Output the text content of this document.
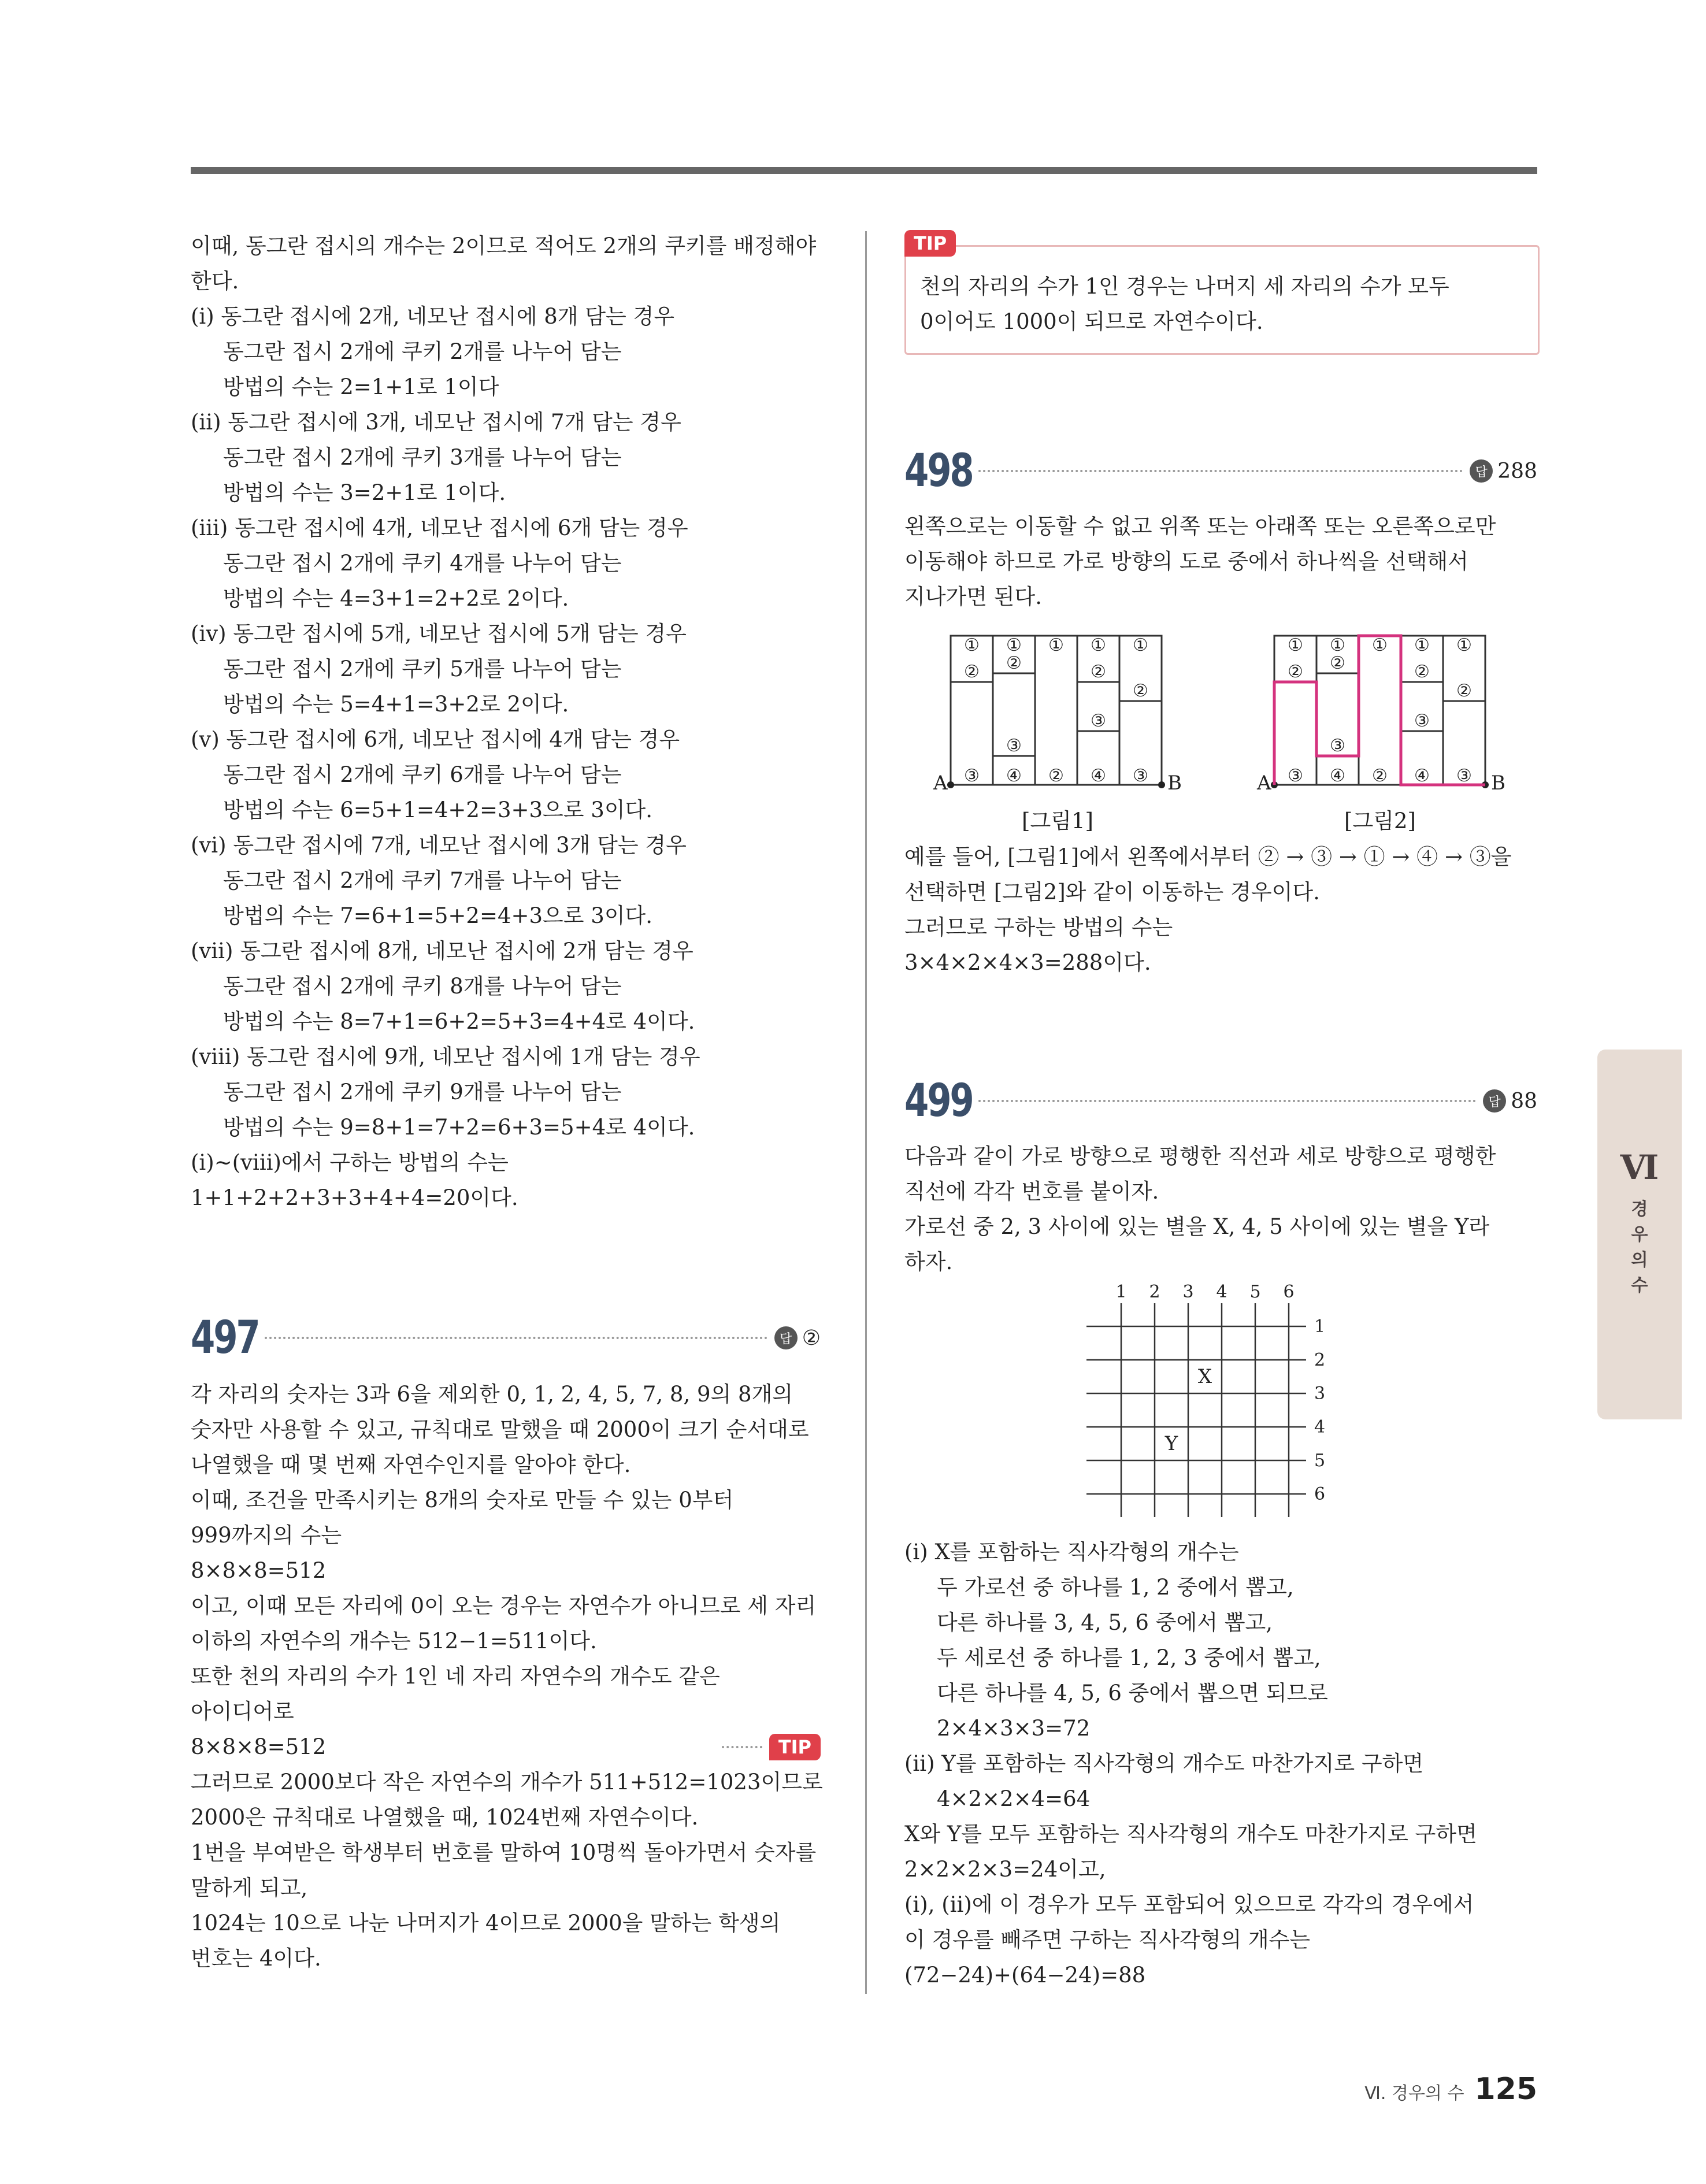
이때, 동그란 접시의 개수는 2이므로 적어도 2개의 쿠키를 배정해야
한다.
(ⅰ) 동그란 접시에 2개, 네모난 접시에 8개 담는 경우
동그란 접시 2개에 쿠키 2개를 나누어 담는
방법의 수는 2=1+1로 1이다
(ⅱ) 동그란 접시에 3개, 네모난 접시에 7개 담는 경우
동그란 접시 2개에 쿠키 3개를 나누어 담는
방법의 수는 3=2+1로 1이다.
(ⅲ) 동그란 접시에 4개, 네모난 접시에 6개 담는 경우
동그란 접시 2개에 쿠키 4개를 나누어 담는
방법의 수는 4=3+1=2+2로 2이다.
(ⅳ) 동그란 접시에 5개, 네모난 접시에 5개 담는 경우
동그란 접시 2개에 쿠키 5개를 나누어 담는
방법의 수는 5=4+1=3+2로 2이다.
(ⅴ) 동그란 접시에 6개, 네모난 접시에 4개 담는 경우
동그란 접시 2개에 쿠키 6개를 나누어 담는
방법의 수는 6=5+1=4+2=3+3으로 3이다.
(ⅵ) 동그란 접시에 7개, 네모난 접시에 3개 담는 경우
동그란 접시 2개에 쿠키 7개를 나누어 담는
방법의 수는 7=6+1=5+2=4+3으로 3이다.
(ⅶ) 동그란 접시에 8개, 네모난 접시에 2개 담는 경우
동그란 접시 2개에 쿠키 8개를 나누어 담는
방법의 수는 8=7+1=6+2=5+3=4+4로 4이다.
(ⅷ) 동그란 접시에 9개, 네모난 접시에 1개 담는 경우
동그란 접시 2개에 쿠키 9개를 나누어 담는
방법의 수는 9=8+1=7+2=6+3=5+4로 4이다.
(ⅰ)~(ⅷ)에서 구하는 방법의 수는
1+1+2+2+3+3+4+4=20이다.
497	답 ②
각 자리의 숫자는 3과 6을 제외한 0, 1, 2, 4, 5, 7, 8, 9의 8개의
숫자만 사용할 수 있고, 규칙대로 말했을 때 2000이 크기 순서대로
나열했을 때 몇 번째 자연수인지를 알아야 한다.
이때, 조건을 만족시키는 8개의 숫자로 만들 수 있는 0부터
999까지의 수는
8×8×8=512
이고, 이때 모든 자리에 0이 오는 경우는 자연수가 아니므로 세 자리
이하의 자연수의 개수는 512−1=511이다.
또한 천의 자리의 수가 1인 네 자리 자연수의 개수도 같은
아이디어로
8×8×8=512	TIP
그러므로 2000보다 작은 자연수의 개수가 511+512=1023이므로
2000은 규칙대로 나열했을 때, 1024번째 자연수이다.
1번을 부여받은 학생부터 번호를 말하여 10명씩 돌아가면서 숫자를
말하게 되고,
1024는 10으로 나눈 나머지가 4이므로 2000을 말하는 학생의
번호는 4이다.
천의 자리의 수가 1인 경우는 나머지 세 자리의 수가 모두
0이어도 1000이 되므로 자연수이다.
TIP
498	답 288
왼쪽으로는 이동할 수 없고 위쪽 또는 아래쪽 또는 오른쪽으로만
이동해야 하므로 가로 방향의 도로 중에서 하나씩을 선택해서
지나가면 된다.
①
②
③
①
②
③
④
①
②
①
②
③
④
①
②
③
A	B
①
②
③
①
②
③
④
①
②
①
②
③
④
①
②
③
A	B
[그림1]	[그림2]
예를 들어, [그림1]에서 왼쪽에서부터 ② → ③ → ① → ④ → ③을
선택하면 [그림2]와 같이 이동하는 경우이다.
그러므로 구하는 방법의 수는
3×4×2×4×3=288이다.
499	답 88
다음과 같이 가로 방향으로 평행한 직선과 세로 방향으로 평행한
직선에 각각 번호를 붙이자.
가로선 중 2, 3 사이에 있는 별을 X, 4, 5 사이에 있는 별을 Y라
하자.
1 2 3 4 5 6
1
2
3
4
5
6
X
Y
(ⅰ) X를 포함하는 직사각형의 개수는
두 가로선 중 하나를 1, 2 중에서 뽑고,
다른 하나를 3, 4, 5, 6 중에서 뽑고,
두 세로선 중 하나를 1, 2, 3 중에서 뽑고,
다른 하나를 4, 5, 6 중에서 뽑으면 되므로
2×4×3×3=72
(ⅱ) Y를 포함하는 직사각형의 개수도 마찬가지로 구하면
4×2×2×4=64
X와 Y를 모두 포함하는 직사각형의 개수도 마찬가지로 구하면
2×2×2×3=24이고,
(ⅰ), (ⅱ)에 이 경우가 모두 포함되어 있으므로 각각의 경우에서
이 경우를 빼주면 구하는 직사각형의 개수는
(72−24)+(64−24)=88
Ⅵ
경
우
의
수
Ⅵ. 경우의 수 125
